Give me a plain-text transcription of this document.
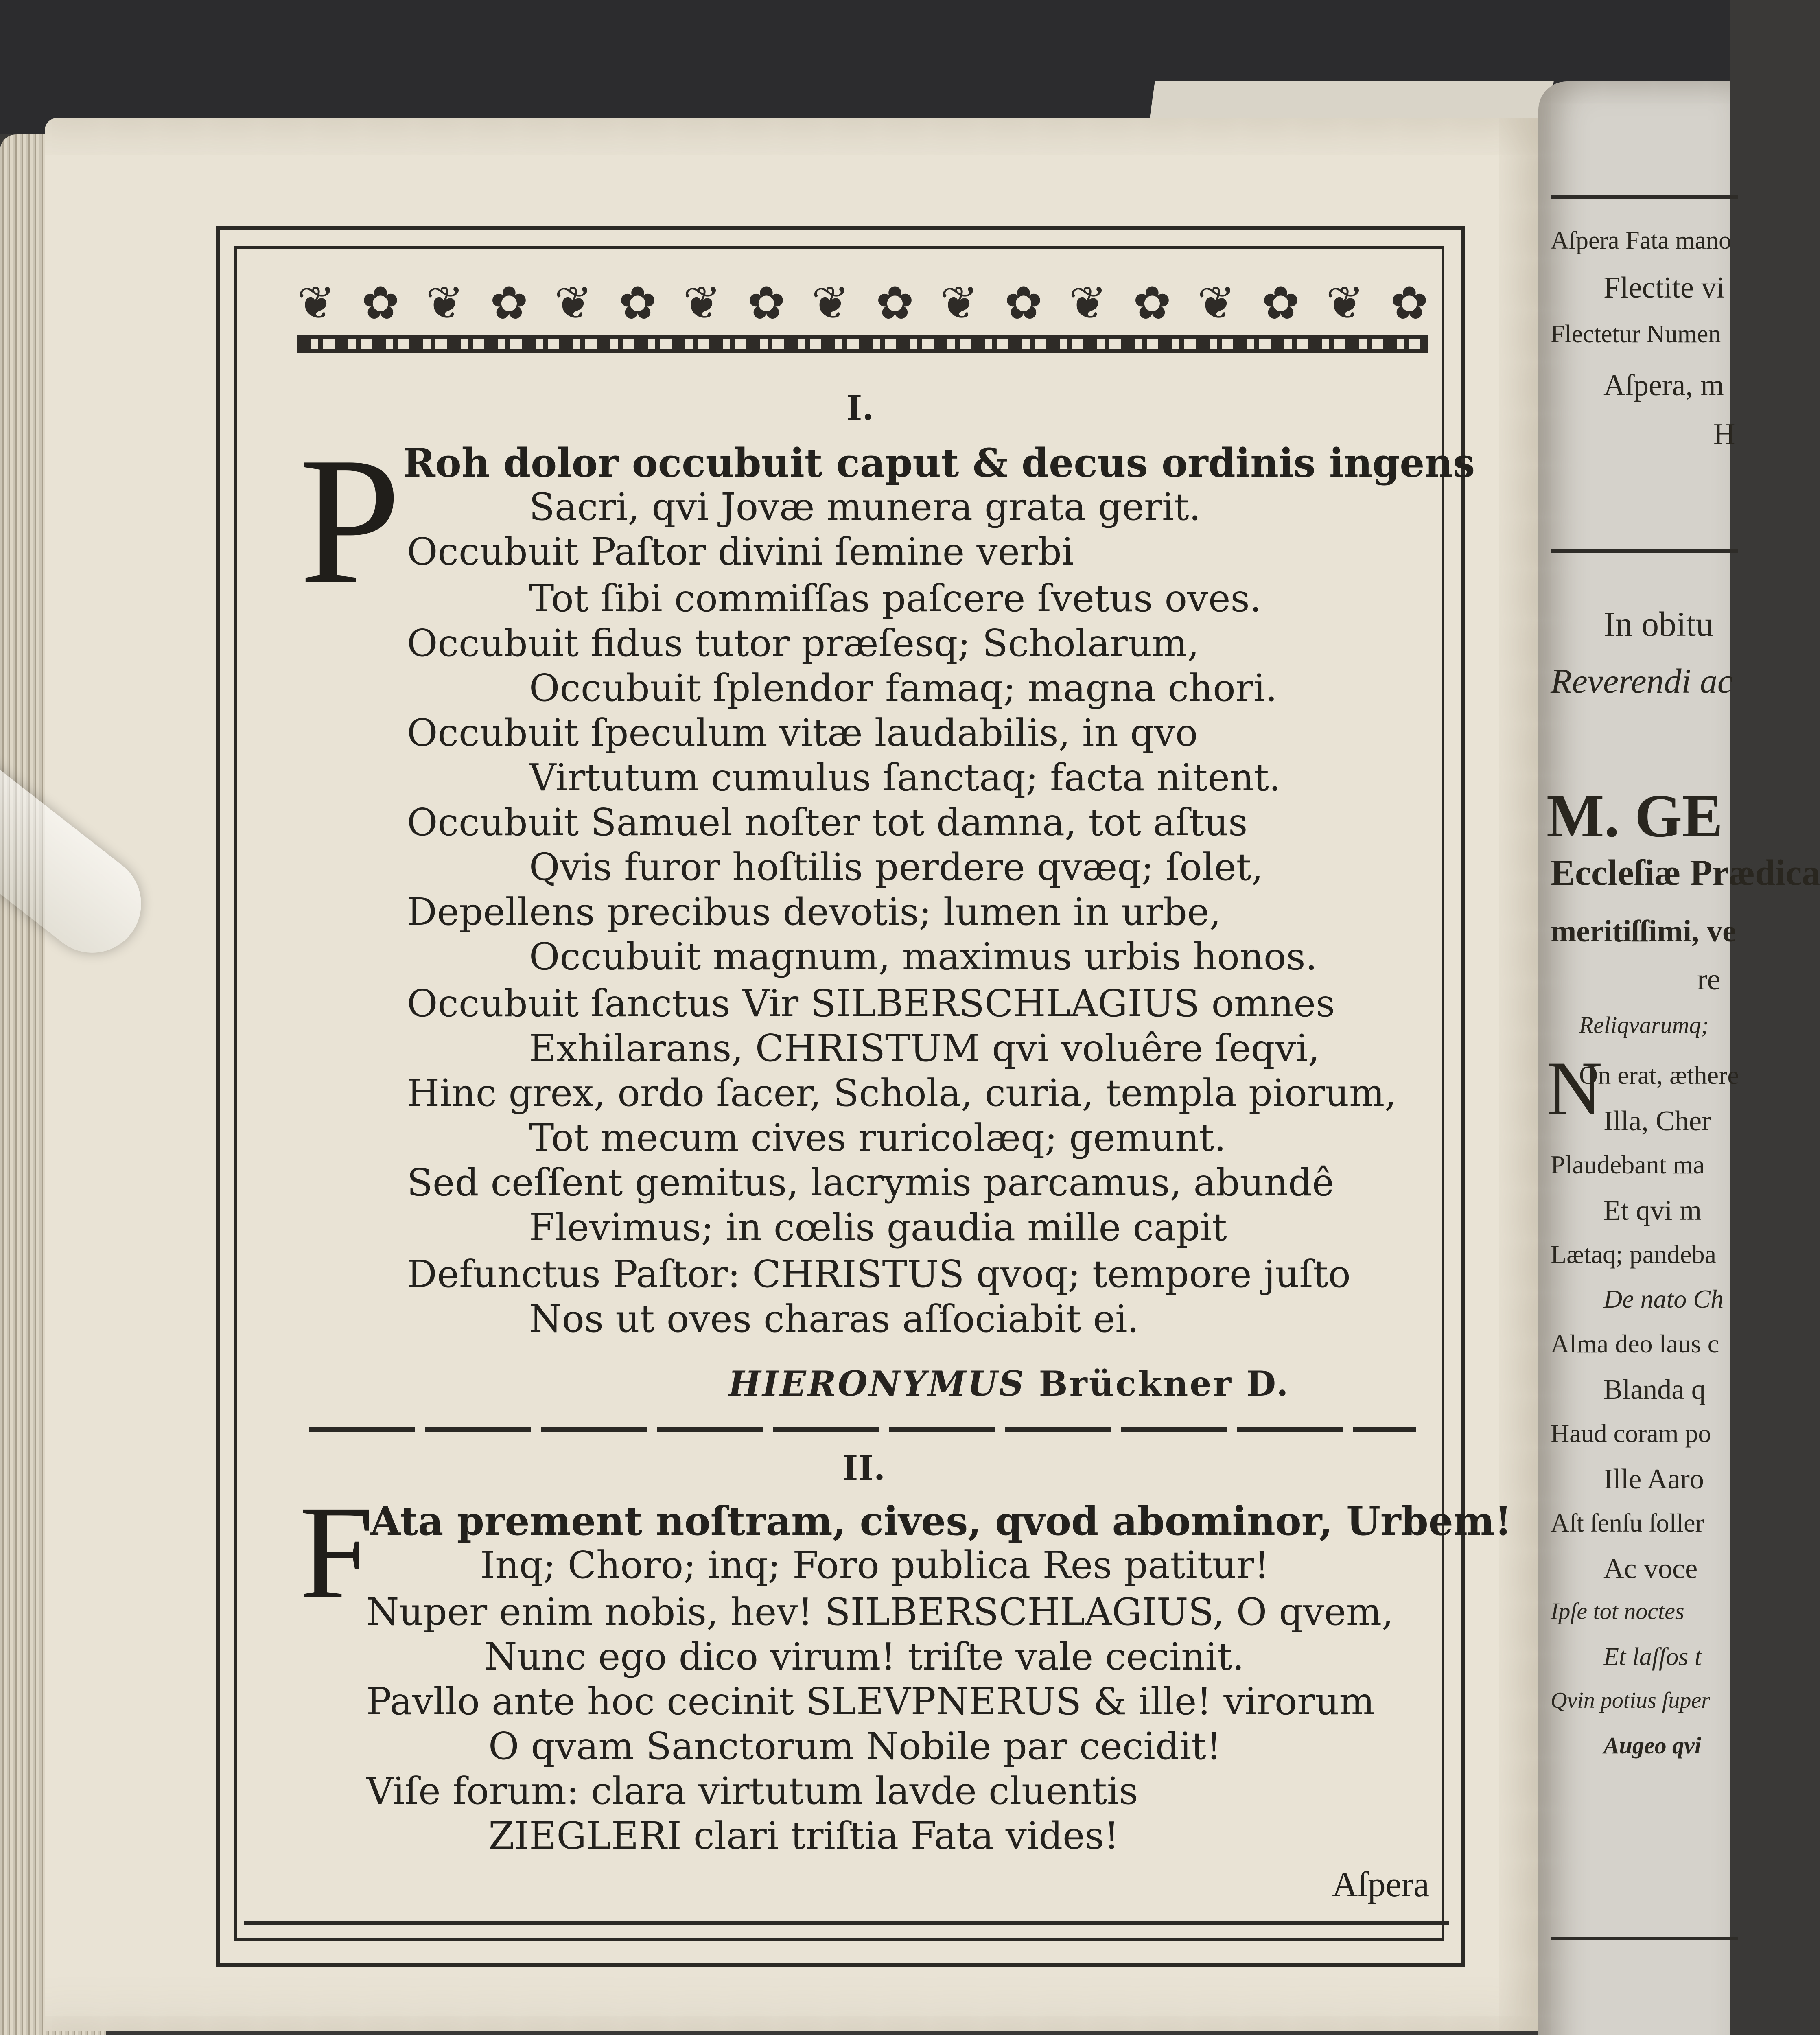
❦ ✿ ❦ ✿ ❦ ✿ ❦ ✿ ❦ ✿ ❦ ✿ ❦ ✿ ❦ ✿ ❦ ✿
I.
P Roh dolor occubuit caput & decus ordinis ingens
Sacri, qvi Jovæ munera grata gerit.
Occubuit Paſtor divini ſemine verbi
Tot ſibi commiſſas paſcere ſvetus oves.
Occubuit fidus tutor præſesq; Scholarum,
Occubuit ſplendor famaq; magna chori.
Occubuit ſpeculum vitæ laudabilis, in qvo
Virtutum cumulus ſanctaq; facta nitent.
Occubuit Samuel noſter tot damna, tot aſtus
Qvis furor hoſtilis perdere qvæq; ſolet,
Depellens precibus devotis; lumen in urbe,
Occubuit magnum, maximus urbis honos.
Occubuit ſanctus Vir SILBERSCHLAGIUS omnes
Exhilarans, CHRISTUM qvi voluêre ſeqvi,
Hinc grex, ordo ſacer, Schola, curia, templa piorum,
Tot mecum cives ruricolæq; gemunt.
Sed ceſſent gemitus, lacrymis parcamus, abundê
Flevimus; in cœlis gaudia mille capit
Defunctus Paſtor: CHRISTUS qvoq; tempore juſto
Nos ut oves charas aſſociabit ei.
HIERONYMUS Brückner D.
II.
F
Ata prement noſtram, cives, qvod abominor, Urbem!
Inq; Choro; inq; Foro publica Res patitur!
Nuper enim nobis, hev! SILBERSCHLAGIUS, O qvem,
Nunc ego dico virum! triſte vale cecinit.
Pavllo ante hoc cecinit SLEVPNERUS & ille! virorum
O qvam Sanctorum Nobile par cecidit!
Viſe forum: clara virtutum lavde cluentis
ZIEGLERI clari triſtia Fata vides!
Aſpera
Aſpera Fata mano
Flectite vi
Flectetur Numen
Aſpera, m
H
In obitu
Reverendi ac
M. GE
Eccleſiæ Prædica
meritiſſimi, ve
re
Reliqvarumq;
N
On erat, æthere
Illa, Cher
Plaudebant ma
Et qvi m
Lætaq; pandeba
De nato Ch
Alma deo laus c
Blanda q
Haud coram po
Ille Aaro
Aſt ſenſu ſoller
Ac voce
Ipſe tot noctes
Et laſſos t
Qvin potius ſuper
Augeo qvi
